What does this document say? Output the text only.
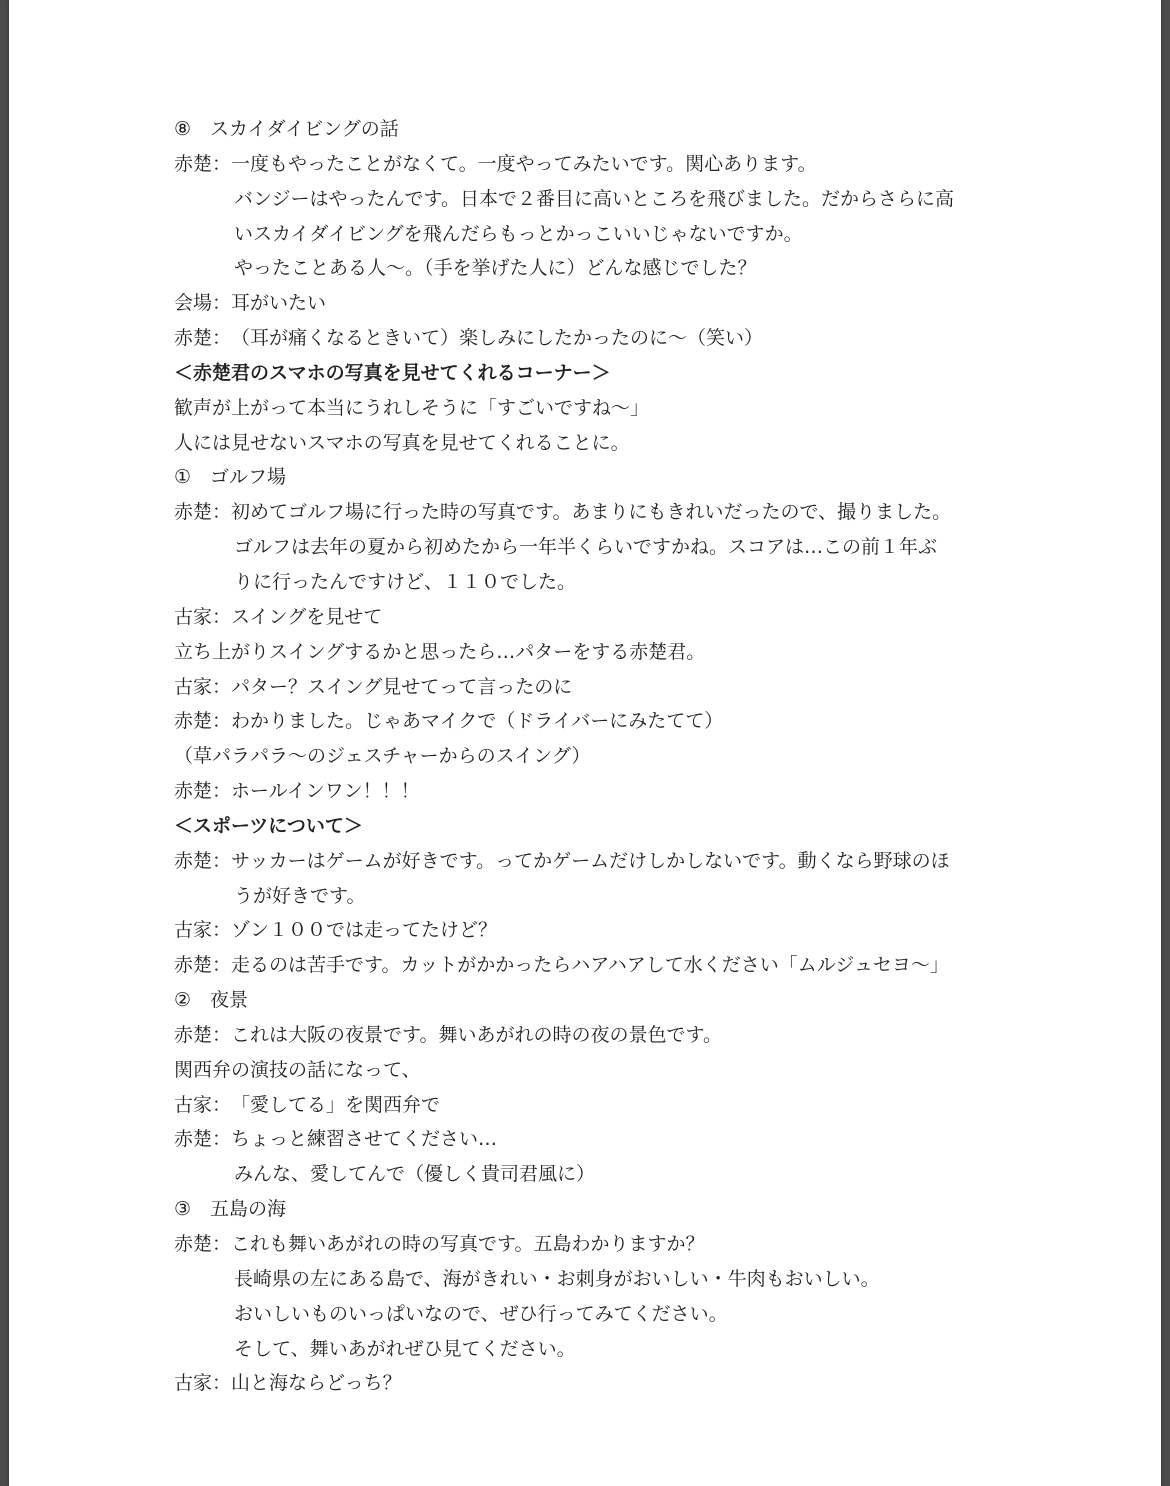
⑧　スカイダイビングの話
赤楚：一度もやったことがなくて。一度やってみたいです。関心あります。
バンジーはやったんです。日本で２番目に高いところを飛びました。だからさらに高
いスカイダイビングを飛んだらもっとかっこいいじゃないですか。
やったことある人〜。（手を挙げた人に）どんな感じでした？
会場：耳がいたい
赤楚：（耳が痛くなるときいて）楽しみにしたかったのに〜（笑い）
＜赤楚君のスマホの写真を見せてくれるコーナー＞
歓声が上がって本当にうれしそうに「すごいですね〜」
人には見せないスマホの写真を見せてくれることに。
①　ゴルフ場
赤楚：初めてゴルフ場に行った時の写真です。あまりにもきれいだったので、撮りました。
ゴルフは去年の夏から初めたから一年半くらいですかね。スコアは…この前１年ぶ
りに行ったんですけど、１１０でした。
古家：スイングを見せて
立ち上がりスイングするかと思ったら…パターをする赤楚君。
古家：パター？スイング見せてって言ったのに
赤楚：わかりました。じゃあマイクで（ドライバーにみたてて）
（草パラパラ〜のジェスチャーからのスイング）
赤楚：ホールインワン！！！
＜スポーツについて＞
赤楚：サッカーはゲームが好きです。ってかゲームだけしかしないです。動くなら野球のほ
うが好きです。
古家：ゾン１００では走ってたけど？
赤楚：走るのは苦手です。カットがかかったらハアハアして水ください「ムルジュセヨ〜」
②　夜景
赤楚：これは大阪の夜景です。舞いあがれの時の夜の景色です。
関西弁の演技の話になって、
古家：「愛してる」を関西弁で
赤楚：ちょっと練習させてください…
みんな、愛してんで（優しく貴司君風に）
③　五島の海
赤楚：これも舞いあがれの時の写真です。五島わかりますか？
長崎県の左にある島で、海がきれい・お刺身がおいしい・牛肉もおいしい。
おいしいものいっぱいなので、ぜひ行ってみてください。
そして、舞いあがれぜひ見てください。
古家：山と海ならどっち？
